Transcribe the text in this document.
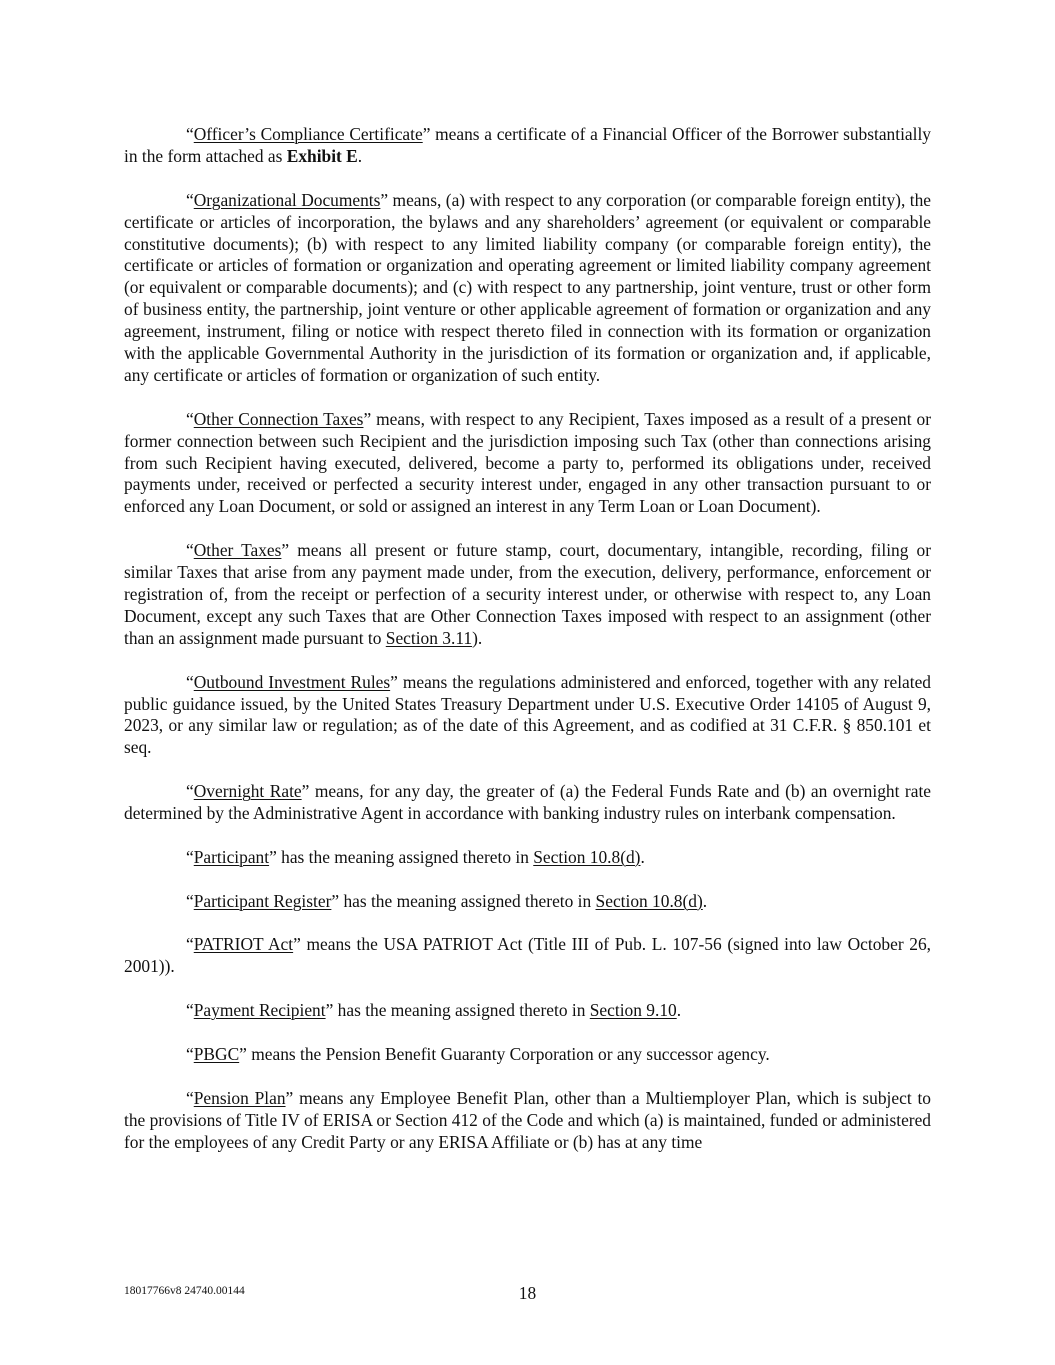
“Officer’s Compliance Certificate” means a certificate of a Financial Officer of the Borrower substantially in the form attached as Exhibit E.

“Organizational Documents” means, (a) with respect to any corporation (or comparable foreign entity), the certificate or articles of incorporation, the bylaws and any shareholders’ agreement (or equivalent or comparable constitutive documents); (b) with respect to any limited liability company (or comparable foreign entity), the certificate or articles of formation or organization and operating agreement or limited liability company agreement (or equivalent or comparable documents); and (c) with respect to any partnership, joint venture, trust or other form of business entity, the partnership, joint venture or other applicable agreement of formation or organization and any agreement, instrument, filing or notice with respect thereto filed in connection with its formation or organization with the applicable Governmental Authority in the jurisdiction of its formation or organization and, if applicable, any certificate or articles of formation or organization of such entity.

“Other Connection Taxes” means, with respect to any Recipient, Taxes imposed as a result of a present or former connection between such Recipient and the jurisdiction imposing such Tax (other than connections arising from such Recipient having executed, delivered, become a party to, performed its obligations under, received payments under, received or perfected a security interest under, engaged in any other transaction pursuant to or enforced any Loan Document, or sold or assigned an interest in any Term Loan or Loan Document).

“Other Taxes” means all present or future stamp, court, documentary, intangible, recording, filing or similar Taxes that arise from any payment made under, from the execution, delivery, performance, enforcement or registration of, from the receipt or perfection of a security interest under, or otherwise with respect to, any Loan Document, except any such Taxes that are Other Connection Taxes imposed with respect to an assignment (other than an assignment made pursuant to Section 3.11).

“Outbound Investment Rules” means the regulations administered and enforced, together with any related public guidance issued, by the United States Treasury Department under U.S. Executive Order 14105 of August 9, 2023, or any similar law or regulation; as of the date of this Agreement, and as codified at 31 C.F.R. § 850.101 et seq.

“Overnight Rate” means, for any day, the greater of (a) the Federal Funds Rate and (b) an overnight rate determined by the Administrative Agent in accordance with banking industry rules on interbank compensation.

“Participant” has the meaning assigned thereto in Section 10.8(d).

“Participant Register” has the meaning assigned thereto in Section 10.8(d).

“PATRIOT Act” means the USA PATRIOT Act (Title III of Pub. L. 107-56 (signed into law October 26, 2001)).

“Payment Recipient” has the meaning assigned thereto in Section 9.10.

“PBGC” means the Pension Benefit Guaranty Corporation or any successor agency.

“Pension Plan” means any Employee Benefit Plan, other than a Multiemployer Plan, which is subject to the provisions of Title IV of ERISA or Section 412 of the Code and which (a) is maintained, funded or administered for the employees of any Credit Party or any ERISA Affiliate or (b) has at any time

18017766v8 24740.00144	18
